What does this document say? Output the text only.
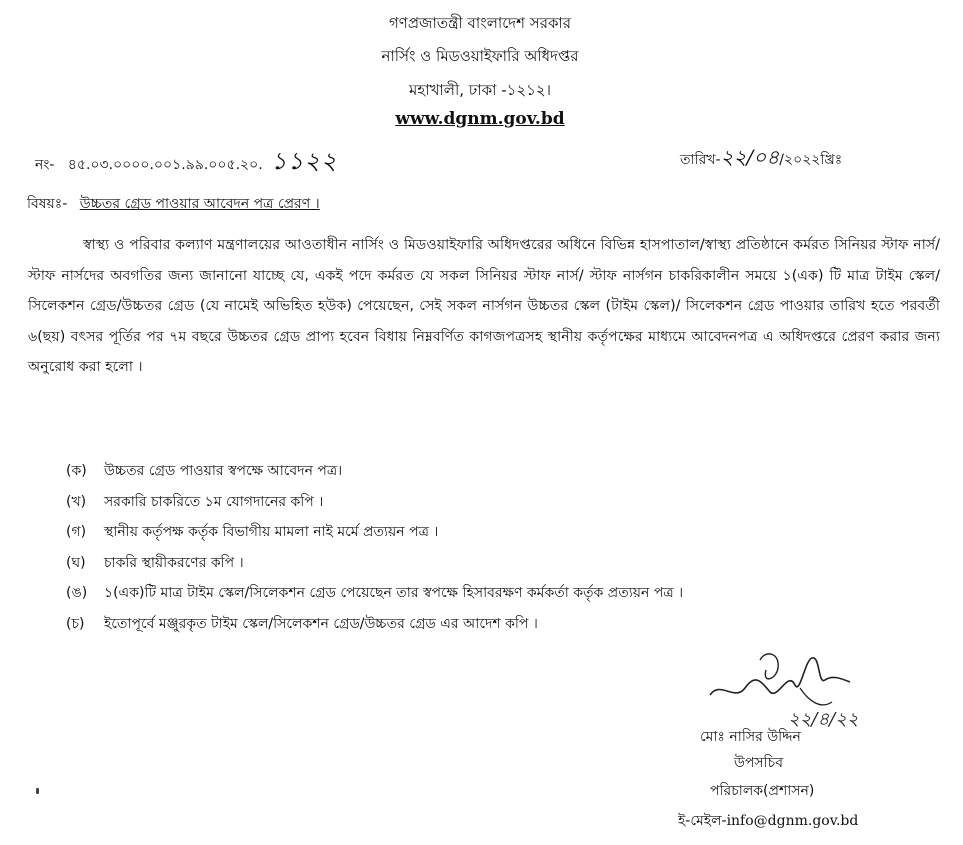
গণপ্রজাতন্ত্রী বাংলাদেশ সরকার
নার্সিং ও মিডওয়াইফারি অধিদপ্তর
মহাখালী, ঢাকা -১২১২।
www.dgnm.gov.bd
নং- ৪৫.০৩.০০০০.০০১.৯৯.০০৫.২০. ১১২২	তারিখ-২২/০৪/২০২২খ্রিঃ
বিষয়ঃ- উচ্চতর গ্রেড পাওয়ার আবেদন পত্র প্রেরণ ।
স্বাস্থ্য ও পরিবার কল্যাণ মন্ত্রণালয়ের আওতাধীন নার্সিং ও মিডওয়াইফারি অধিদপ্তরের অধিনে বিভিন্ন হাসপাতাল/স্বাস্থ্য প্রতিষ্ঠানে কর্মরত সিনিয়র স্টাফ নার্স/ স্টাফ নার্সদের অবগতির জন্য জানানো যাচ্ছে যে, একই পদে কর্মরত যে সকল সিনিয়র স্টাফ নার্স/ স্টাফ নার্সগন চাকরিকালীন সময়ে ১(এক) টি মাত্র টাইম স্কেল/সিলেকশন গ্রেড/উচ্চতর গ্রেড (যে নামেই অভিহিত হউক) পেয়েছেন, সেই সকল নার্সগন উচ্চতর স্কেল (টাইম স্কেল)/ সিলেকশন গ্রেড পাওয়ার তারিখ হতে পরবর্তী ৬(ছয়) বৎসর পূর্তির পর ৭ম বছরে উচ্চতর গ্রেড প্রাপ্য হবেন বিধায় নিম্নবর্ণিত কাগজপত্রসহ স্থানীয় কর্তৃপক্ষের মাধ্যমে আবেদনপত্র এ অধিদপ্তরে প্রেরণ করার জন্য অনুরোধ করা হলো ।
(ক) উচ্চতর গ্রেড পাওয়ার স্বপক্ষে আবেদন পত্র।
(খ) সরকারি চাকরিতে ১ম যোগদানের কপি ।
(গ) স্থানীয় কর্তৃপক্ষ কর্তৃক বিভাগীয় মামলা নাই মর্মে প্রত্যয়ন পত্র ।
(ঘ) চাকরি স্থায়ীকরণের কপি ।
(ঙ) ১(এক)টি মাত্র টাইম স্কেল/সিলেকশন গ্রেড পেয়েছেন তার স্বপক্ষে হিসাবরক্ষণ কর্মকর্তা কর্তৃক প্রত্যয়ন পত্র ।
(চ) ইতোপূর্বে মঞ্জুরকৃত টাইম স্কেল/সিলেকশন গ্রেড/উচ্চতর গ্রেড এর আদেশ কপি ।
২২/৪/২২
মোঃ নাসির উদ্দিন
উপসচিব
পরিচালক(প্রশাসন)
ই-মেইল-info@dgnm.gov.bd
